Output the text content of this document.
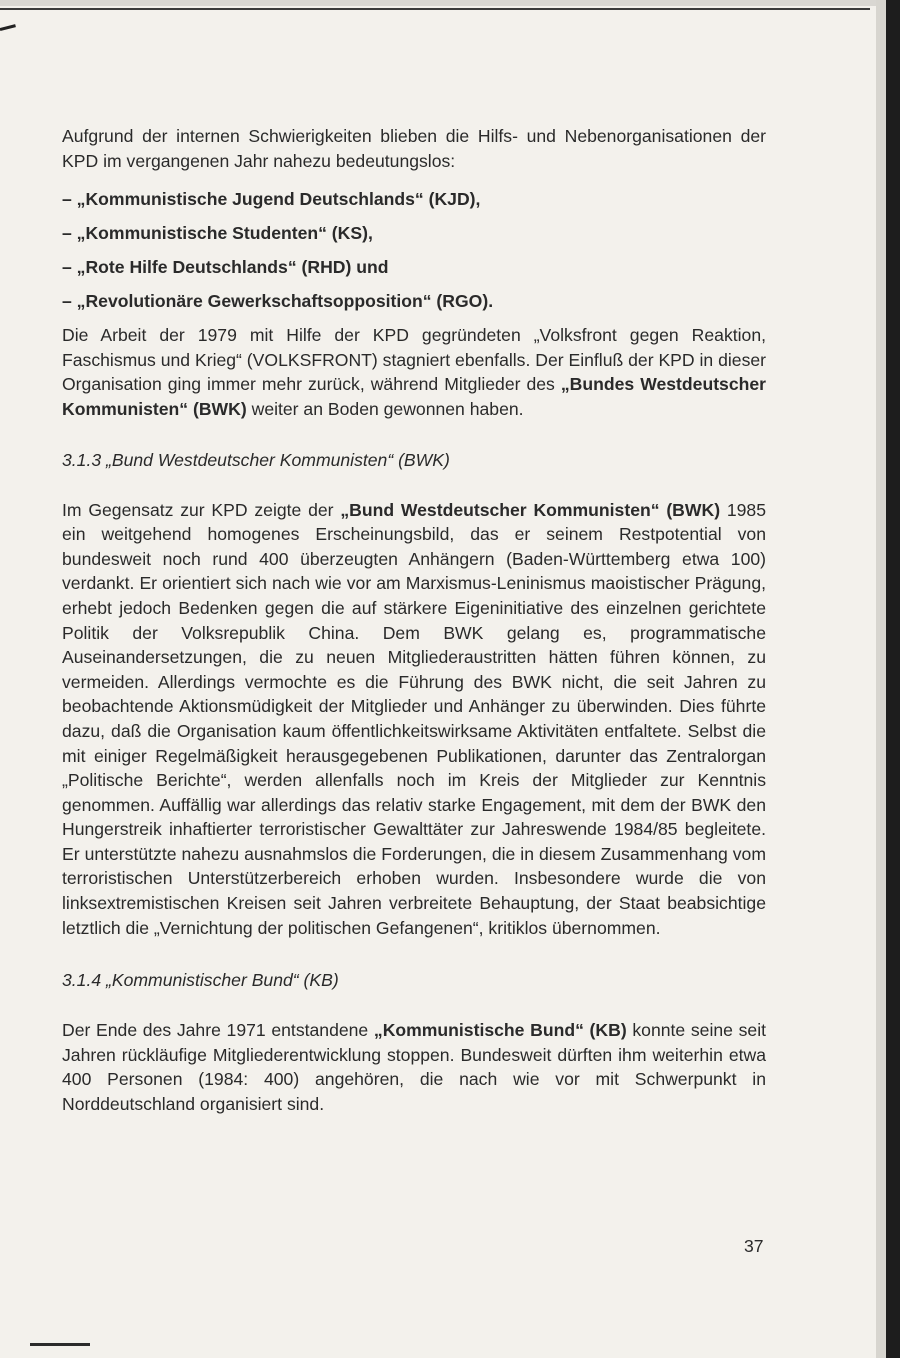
Aufgrund der internen Schwierigkeiten blieben die Hilfs- und Nebenorganisationen der KPD im vergangenen Jahr nahezu bedeutungslos:

– „Kommunistische Jugend Deutschlands“ (KJD),
– „Kommunistische Studenten“ (KS),
– „Rote Hilfe Deutschlands“ (RHD) und
– „Revolutionäre Gewerkschaftsopposition“ (RGO).

Die Arbeit der 1979 mit Hilfe der KPD gegründeten „Volksfront gegen Reaktion, Faschismus und Krieg“ (VOLKSFRONT) stagniert ebenfalls. Der Einfluß der KPD in dieser Organisation ging immer mehr zurück, während Mitglieder des „Bundes Westdeutscher Kommunisten“ (BWK) weiter an Boden gewonnen haben.

3.1.3 „Bund Westdeutscher Kommunisten“ (BWK)

Im Gegensatz zur KPD zeigte der „Bund Westdeutscher Kommunisten“ (BWK) 1985 ein weitgehend homogenes Erscheinungsbild, das er seinem Restpotential von bundesweit noch rund 400 überzeugten Anhängern (Baden-Württemberg etwa 100) verdankt. Er orientiert sich nach wie vor am Marxismus-Leninismus maoistischer Prägung, erhebt jedoch Bedenken gegen die auf stärkere Eigeninitiative des einzelnen gerichtete Politik der Volksrepublik China. Dem BWK gelang es, programmatische Auseinandersetzungen, die zu neuen Mitgliederaustritten hätten führen können, zu vermeiden. Allerdings vermochte es die Führung des BWK nicht, die seit Jahren zu beobachtende Aktionsmüdigkeit der Mitglieder und Anhänger zu überwinden. Dies führte dazu, daß die Organisation kaum öffentlichkeitswirksame Aktivitäten entfaltete. Selbst die mit einiger Regelmäßigkeit herausgegebenen Publikationen, darunter das Zentralorgan „Politische Berichte“, werden allenfalls noch im Kreis der Mitglieder zur Kenntnis genommen. Auffällig war allerdings das relativ starke Engagement, mit dem der BWK den Hungerstreik inhaftierter terroristischer Gewalttäter zur Jahreswende 1984/85 begleitete. Er unterstützte nahezu ausnahmslos die Forderungen, die in diesem Zusammenhang vom terroristischen Unterstützerbereich erhoben wurden. Insbesondere wurde die von linksextremistischen Kreisen seit Jahren verbreitete Behauptung, der Staat beabsichtige letztlich die „Vernichtung der politischen Gefangenen“, kritiklos übernommen.

3.1.4 „Kommunistischer Bund“ (KB)

Der Ende des Jahre 1971 entstandene „Kommunistische Bund“ (KB) konnte seine seit Jahren rückläufige Mitgliederentwicklung stoppen. Bundesweit dürften ihm weiterhin etwa 400 Personen (1984: 400) angehören, die nach wie vor mit Schwerpunkt in Norddeutschland organisiert sind.

37
